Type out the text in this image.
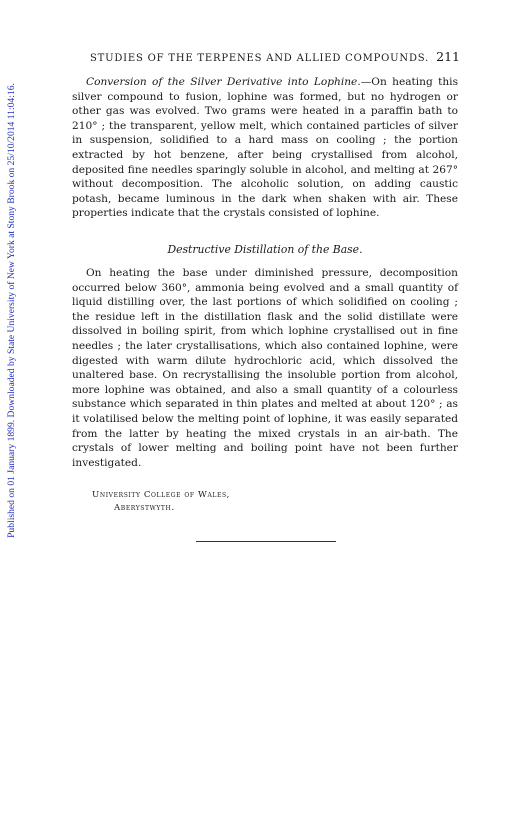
Published on 01 January 1899. Downloaded by State University of New York at Stony Brook on 25/10/2014 11:04:16.
STUDIES OF THE TERPENES AND ALLIED COMPOUNDS. 211

Conversion of the Silver Derivative into Lophine.—On heating this silver compound to fusion, lophine was formed, but no hydrogen or other gas was evolved. Two grams were heated in a paraffin bath to 210° ; the transparent, yellow melt, which contained particles of silver in suspension, solidified to a hard mass on cooling ; the portion extracted by hot benzene, after being crystallised from alcohol, deposited fine needles sparingly soluble in alcohol, and melting at 267° without decomposition. The alcoholic solution, on adding caustic potash, became luminous in the dark when shaken with air. These properties indicate that the crystals consisted of lophine.

Destructive Distillation of the Base.

On heating the base under diminished pressure, decomposition occurred below 360°, ammonia being evolved and a small quantity of liquid distilling over, the last portions of which solidified on cooling ; the residue left in the distillation flask and the solid distillate were dissolved in boiling spirit, from which lophine crystallised out in fine needles ; the later crystallisations, which also contained lophine, were digested with warm dilute hydrochloric acid, which dissolved the unaltered base. On recrystallising the insoluble portion from alcohol, more lophine was obtained, and also a small quantity of a colourless substance which separated in thin plates and melted at about 120° ; as it volatilised below the melting point of lophine, it was easily separated from the latter by heating the mixed crystals in an air-bath. The crystals of lower melting and boiling point have not been further investigated.

University College of Wales,
Aberystwyth.
